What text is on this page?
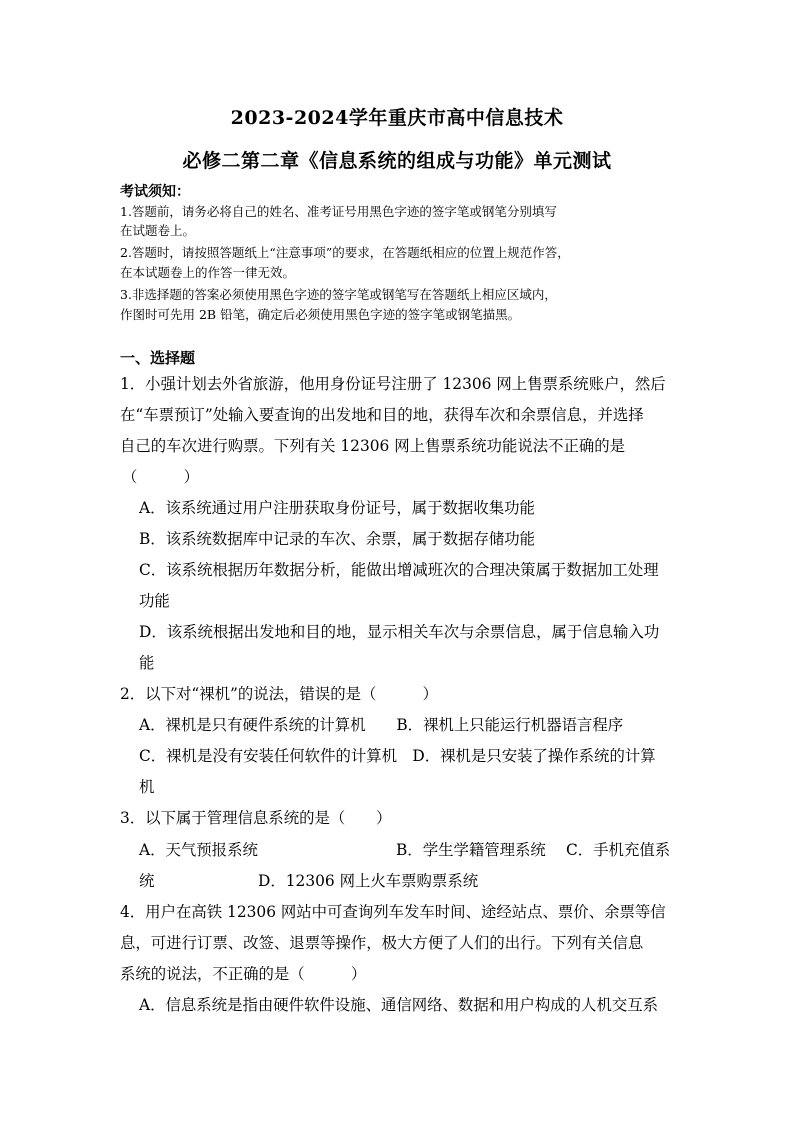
2023-2024学年重庆市高中信息技术
必修二第二章《信息系统的组成与功能》单元测试
考试须知：
1.答题前，请务必将自己的姓名、准考证号用黑色字迹的签字笔或钢笔分别填写
在试题卷上。
2.答题时，请按照答题纸上“注意事项”的要求，在答题纸相应的位置上规范作答，
在本试题卷上的作答一律无效。
3.非选择题的答案必须使用黑色字迹的签字笔或钢笔写在答题纸上相应区域内，
作图时可先用 2B 铅笔，确定后必须使用黑色字迹的签字笔或钢笔描黑。
一、选择题
1．小强计划去外省旅游，他用身份证号注册了 12306 网上售票系统账户，然后
在“车票预订”处输入要查询的出发地和目的地，获得车次和余票信息，并选择
自己的车次进行购票。下列有关 12306 网上售票系统功能说法不正确的是
（　　　）
A．该系统通过用户注册获取身份证号，属于数据收集功能
B．该系统数据库中记录的车次、余票，属于数据存储功能
C．该系统根据历年数据分析，能做出增减班次的合理决策属于数据加工处理
功能
D．该系统根据出发地和目的地，显示相关车次与余票信息，属于信息输入功
能
2．以下对“裸机”的说法，错误的是（　　　）
A．裸机是只有硬件系统的计算机　　B．裸机上只能运行机器语言程序
C．裸机是没有安装任何软件的计算机　D．裸机是只安装了操作系统的计算
机
3．以下属于管理信息系统的是（　　）
A．天气预报系统	B．学生学籍管理系统 C．手机充值系
统	D．12306 网上火车票购票系统
4．用户在高铁 12306 网站中可查询列车发车时间、途经站点、票价、余票等信
息，可进行订票、改签、退票等操作，极大方便了人们的出行。下列有关信息
系统的说法，不正确的是（　　　）
A．信息系统是指由硬件软件设施、通信网络、数据和用户构成的人机交互系
